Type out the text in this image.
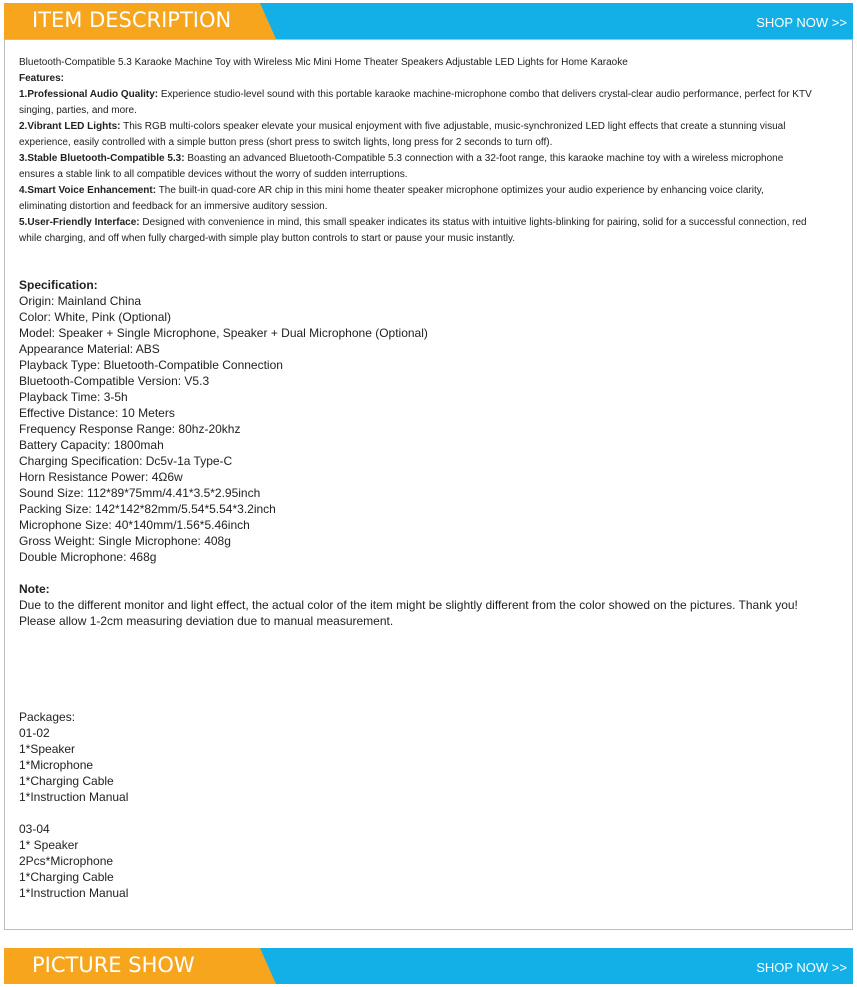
ITEM DESCRIPTION	SHOP NOW >>

Bluetooth-Compatible 5.3 Karaoke Machine Toy with Wireless Mic Mini Home Theater Speakers Adjustable LED Lights for Home Karaoke

Features:

1.Professional Audio Quality: Experience studio-level sound with this portable karaoke machine-microphone combo that delivers crystal-clear audio performance, perfect for KTV singing, parties, and more.

2.Vibrant LED Lights: This RGB multi-colors speaker elevate your musical enjoyment with five adjustable, music-synchronized LED light effects that create a stunning visual experience, easily controlled with a simple button press (short press to switch lights, long press for 2 seconds to turn off).

3.Stable Bluetooth-Compatible 5.3: Boasting an advanced Bluetooth-Compatible 5.3 connection with a 32-foot range, this karaoke machine toy with a wireless microphone ensures a stable link to all compatible devices without the worry of sudden interruptions.

4.Smart Voice Enhancement: The built-in quad-core AR chip in this mini home theater speaker microphone optimizes your audio experience by enhancing voice clarity, eliminating distortion and feedback for an immersive auditory session.

5.User-Friendly Interface: Designed with convenience in mind, this small speaker indicates its status with intuitive lights-blinking for pairing, solid for a successful connection, red while charging, and off when fully charged-with simple play button controls to start or pause your music instantly.

Specification:
Origin: Mainland China
Color: White, Pink (Optional)
Model: Speaker + Single Microphone, Speaker + Dual Microphone (Optional)
Appearance Material: ABS
Playback Type: Bluetooth-Compatible Connection
Bluetooth-Compatible Version: V5.3
Playback Time: 3-5h
Effective Distance: 10 Meters
Frequency Response Range: 80hz-20khz
Battery Capacity: 1800mah
Charging Specification: Dc5v-1a Type-C
Horn Resistance Power: 4Ω6w
Sound Size: 112*89*75mm/4.41*3.5*2.95inch
Packing Size: 142*142*82mm/5.54*5.54*3.2inch
Microphone Size: 40*140mm/1.56*5.46inch
Gross Weight: Single Microphone: 408g
Double Microphone: 468g
Note:
Due to the different monitor and light effect, the actual color of the item might be slightly different from the color showed on the pictures. Thank you!
Please allow 1-2cm measuring deviation due to manual measurement.
Packages:
01-02
1*Speaker
1*Microphone
1*Charging Cable
1*Instruction Manual
03-04
1* Speaker
2Pcs*Microphone
1*Charging Cable
1*Instruction Manual
PICTURE SHOW	SHOP NOW >>
